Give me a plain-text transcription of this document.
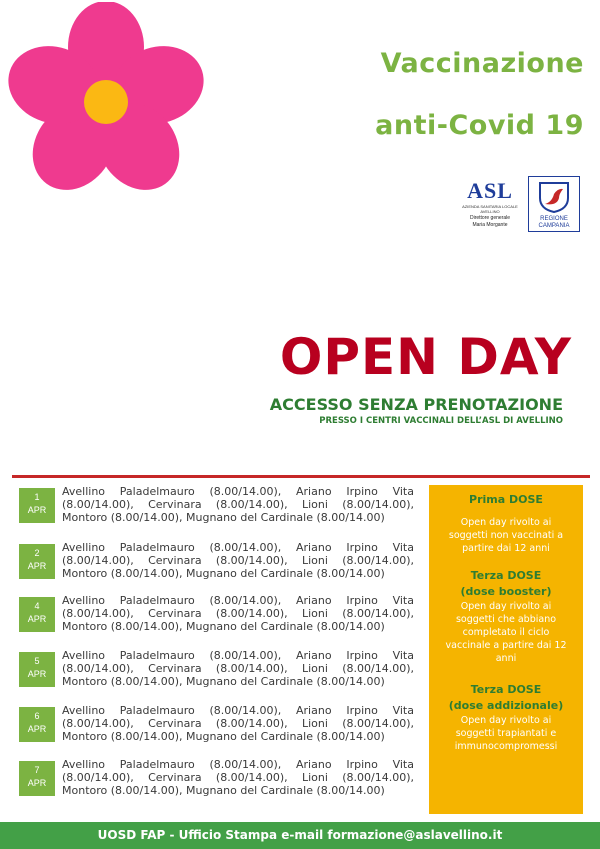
Vaccinazione
anti-Covid 19
ASL
AZIENDA SANITARIA LOCALE AVELLINO
Direttore generale
Maria Morgante
REGIONE CAMPANIA
OPEN DAY
ACCESSO SENZA PRENOTAZIONE
PRESSO I CENTRI VACCINALI DELL’ASL DI AVELLINO
1
APR
Avellino Paladelmauro (8.00/14.00), Ariano Irpino Vita (8.00/14.00), Cervinara (8.00/14.00), Lioni (8.00/14.00), Montoro (8.00/14.00), Mugnano del Cardinale (8.00/14.00)
2
APR
Avellino Paladelmauro (8.00/14.00), Ariano Irpino Vita (8.00/14.00), Cervinara (8.00/14.00), Lioni (8.00/14.00), Montoro (8.00/14.00), Mugnano del Cardinale (8.00/14.00)
4
APR
Avellino Paladelmauro (8.00/14.00), Ariano Irpino Vita (8.00/14.00), Cervinara (8.00/14.00), Lioni (8.00/14.00), Montoro (8.00/14.00), Mugnano del Cardinale (8.00/14.00)
5
APR
Avellino Paladelmauro (8.00/14.00), Ariano Irpino Vita (8.00/14.00), Cervinara (8.00/14.00), Lioni (8.00/14.00), Montoro (8.00/14.00), Mugnano del Cardinale (8.00/14.00)
6
APR
Avellino Paladelmauro (8.00/14.00), Ariano Irpino Vita (8.00/14.00), Cervinara (8.00/14.00), Lioni (8.00/14.00), Montoro (8.00/14.00), Mugnano del Cardinale (8.00/14.00)
7
APR
Avellino Paladelmauro (8.00/14.00), Ariano Irpino Vita (8.00/14.00), Cervinara (8.00/14.00), Lioni (8.00/14.00), Montoro (8.00/14.00), Mugnano del Cardinale (8.00/14.00)
Prima DOSE
Open day rivolto ai
soggetti non vaccinati a
partire dai 12 anni
Terza DOSE
(dose booster)
Open day rivolto ai
soggetti che abbiano
completato il ciclo
vaccinale a partire dai 12
anni
Terza DOSE
(dose addizionale)
Open day rivolto ai
soggetti trapiantati e
immunocompromessi
UOSD FAP - Ufficio Stampa e-mail formazione@aslavellino.it
